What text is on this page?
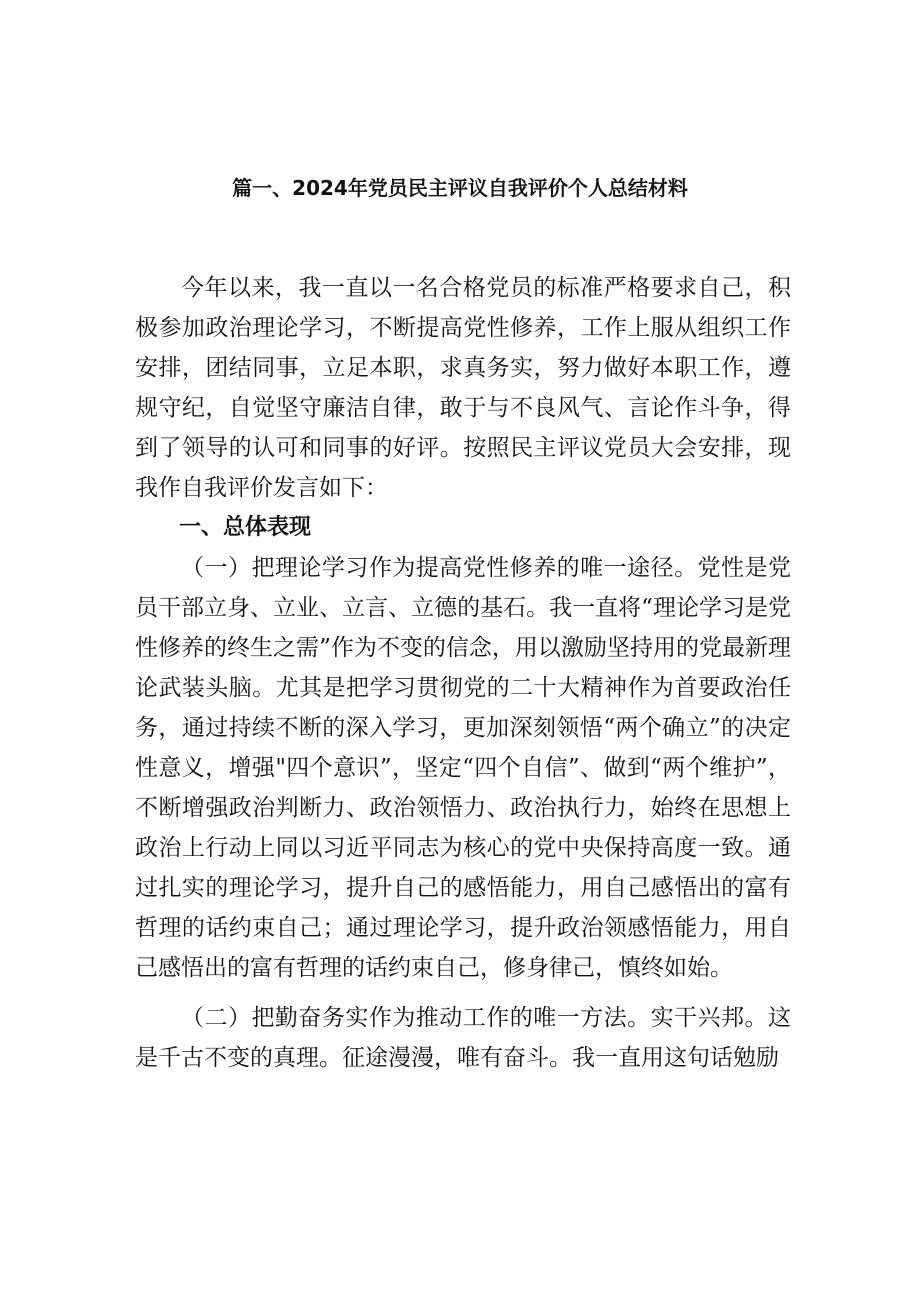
篇一、2024年党员民主评议自我评价个人总结材料

今年以来，我一直以一名合格党员的标准严格要求自己，积极参加政治理论学习，不断提高党性修养，工作上服从组织工作安排，团结同事，立足本职，求真务实，努力做好本职工作，遵规守纪，自觉坚守廉洁自律，敢于与不良风气、言论作斗争，得到了领导的认可和同事的好评。按照民主评议党员大会安排，现我作自我评价发言如下：

一、总体表现

（一）把理论学习作为提高党性修养的唯一途径。党性是党员干部立身、立业、立言、立德的基石。我一直将“理论学习是党性修养的终生之需”作为不变的信念，用以激励坚持用的党最新理论武装头脑。尤其是把学习贯彻党的二十大精神作为首要政治任务，通过持续不断的深入学习，更加深刻领悟“两个确立”的决定性意义，增强"四个意识”，坚定“四个自信”、做到“两个维护”，不断增强政治判断力、政治领悟力、政治执行力，始终在思想上政治上行动上同以习近平同志为核心的党中央保持高度一致。通过扎实的理论学习，提升自己的感悟能力，用自己感悟出的富有哲理的话约束自己；通过理论学习，提升政治领感悟能力，用自己感悟出的富有哲理的话约束自己，修身律己，慎终如始。

（二）把勤奋务实作为推动工作的唯一方法。实干兴邦。这是千古不变的真理。征途漫漫，唯有奋斗。我一直用这句话勉励
